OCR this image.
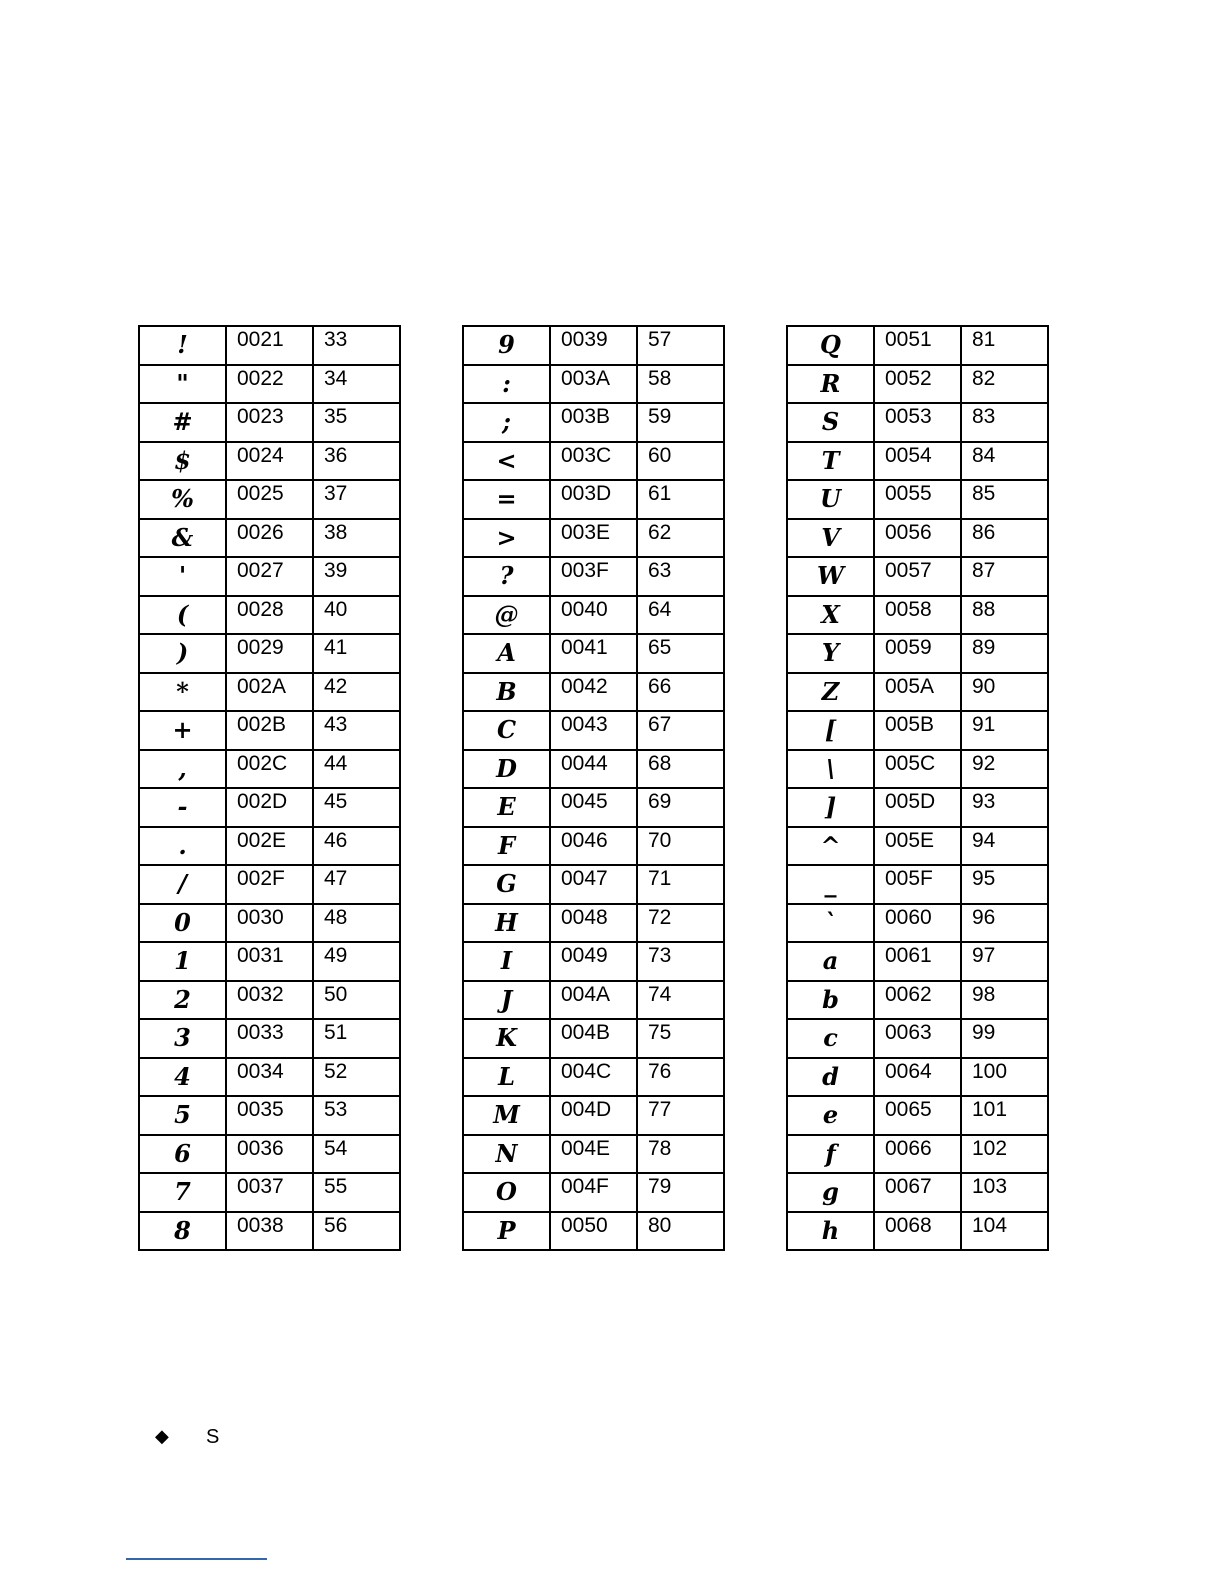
!	0021	33
"	0022	34
#	0023	35
$	0024	36
%	0025	37
&	0026	38
'	0027	39
(	0028	40
)	0029	41
*	002A	42
+	002B	43
,	002C	44
-	002D	45
.	002E	46
/	002F	47
0	0030	48
1	0031	49
2	0032	50
3	0033	51
4	0034	52
5	0035	53
6	0036	54
7	0037	55
8	0038	56
9	0039	57
:	003A	58
;	003B	59
<	003C	60
=	003D	61
>	003E	62
?	003F	63
@	0040	64
A	0041	65
B	0042	66
C	0043	67
D	0044	68
E	0045	69
F	0046	70
G	0047	71
H	0048	72
I	0049	73
J	004A	74
K	004B	75
L	004C	76
M	004D	77
N	004E	78
O	004F	79
P	0050	80
Q	0051	81
R	0052	82
S	0053	83
T	0054	84
U	0055	85
V	0056	86
W	0057	87
X	0058	88
Y	0059	89
Z	005A	90
[	005B	91
\	005C	92
]	005D	93
^	005E	94
_	005F	95
`	0060	96
a	0061	97
b	0062	98
c	0063	99
d	0064	100
e	0065	101
f	0066	102
g	0067	103
h	0068	104
◆ S
